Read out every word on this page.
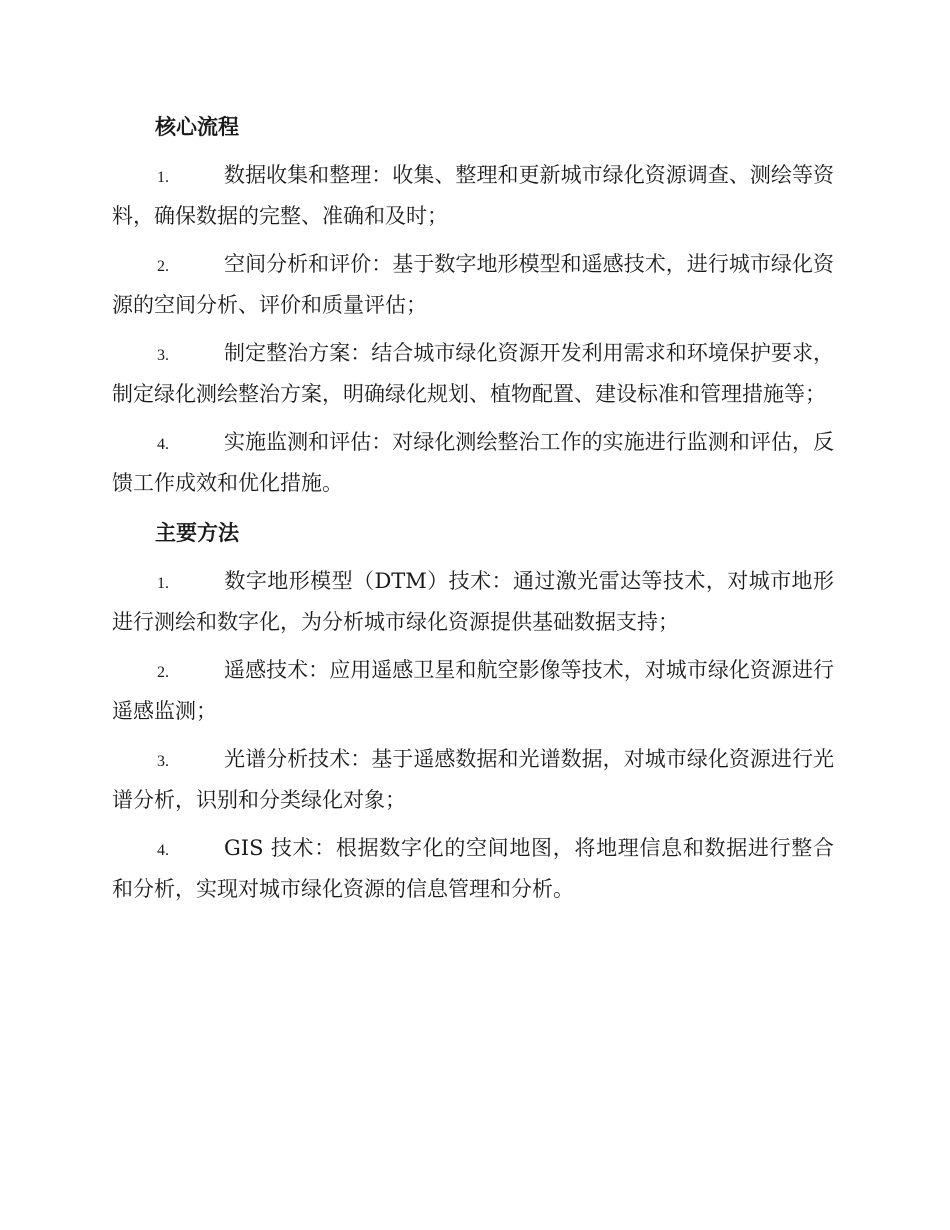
核心流程
1.	数据收集和整理：收集、整理和更新城市绿化资源调查、测绘等资料，确保数据的完整、准确和及时；
2.	空间分析和评价：基于数字地形模型和遥感技术，进行城市绿化资源的空间分析、评价和质量评估；
3.	制定整治方案：结合城市绿化资源开发利用需求和环境保护要求，制定绿化测绘整治方案，明确绿化规划、植物配置、建设标准和管理措施等；
4.	实施监测和评估：对绿化测绘整治工作的实施进行监测和评估，反馈工作成效和优化措施。
主要方法
1.	数字地形模型（DTM）技术：通过激光雷达等技术，对城市地形进行测绘和数字化，为分析城市绿化资源提供基础数据支持；
2.	遥感技术：应用遥感卫星和航空影像等技术，对城市绿化资源进行遥感监测；
3.	光谱分析技术：基于遥感数据和光谱数据，对城市绿化资源进行光谱分析，识别和分类绿化对象；
4.	GIS 技术：根据数字化的空间地图，将地理信息和数据进行整合和分析，实现对城市绿化资源的信息管理和分析。
